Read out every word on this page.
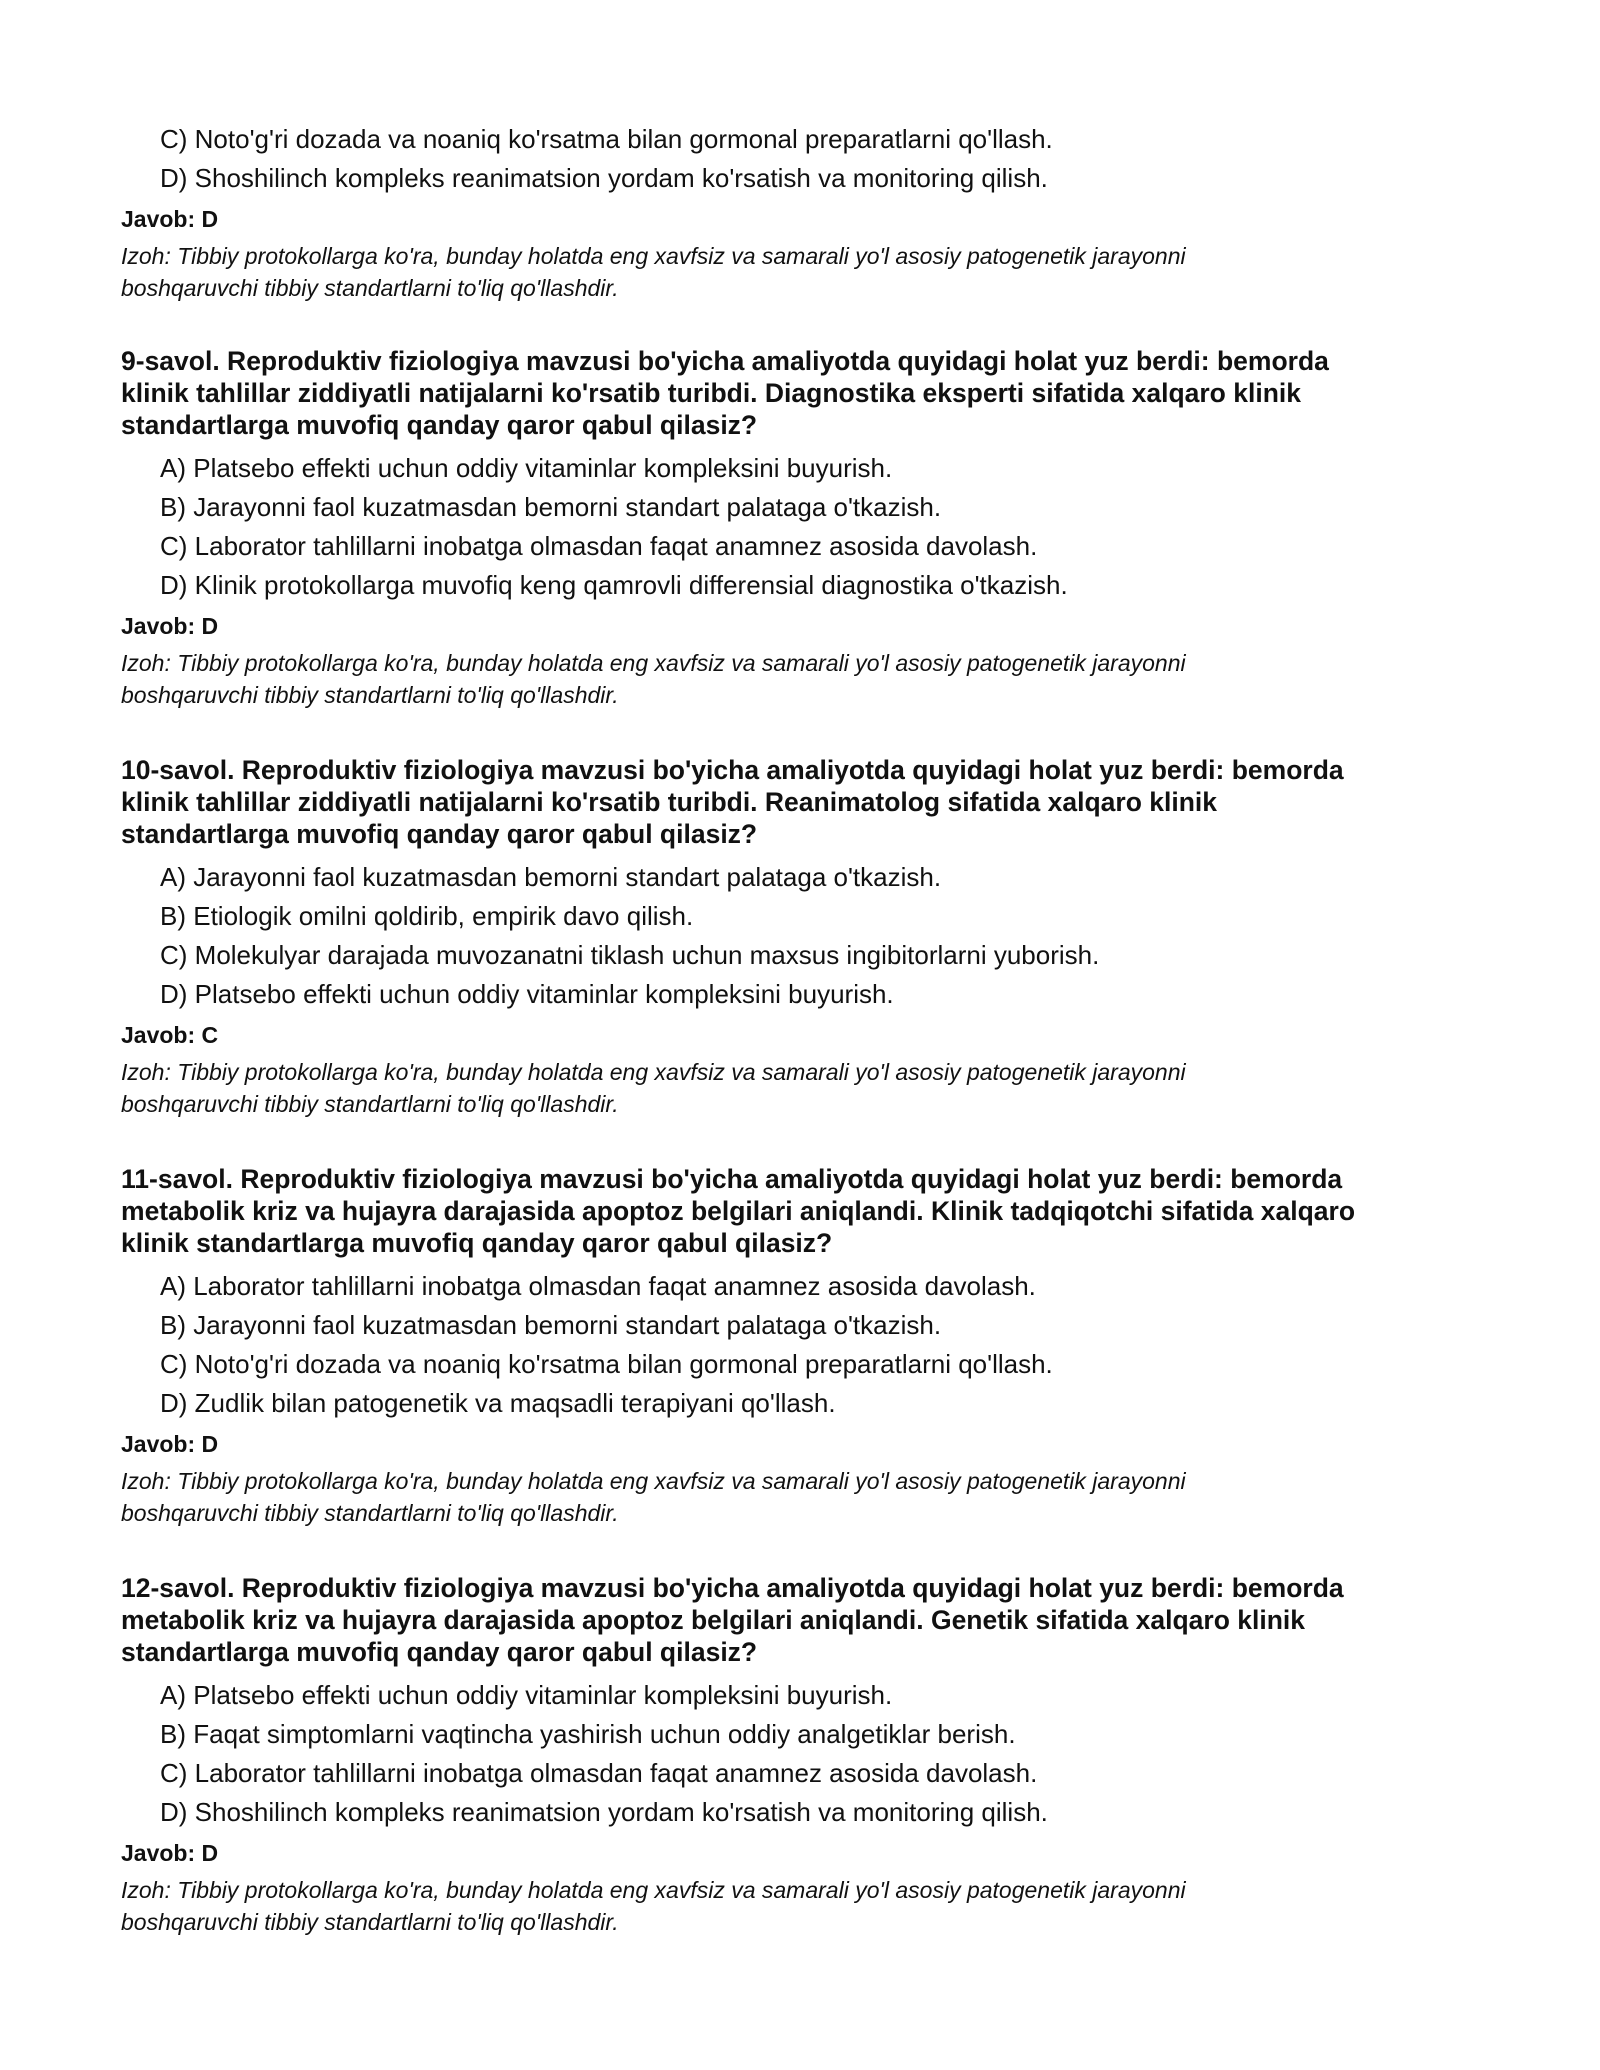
C) Noto'g'ri dozada va noaniq ko'rsatma bilan gormonal preparatlarni qo'llash.

D) Shoshilinch kompleks reanimatsion yordam ko'rsatish va monitoring qilish.

Javob: D

Izoh: Tibbiy protokollarga ko'ra, bunday holatda eng xavfsiz va samarali yo'l asosiy patogenetik jarayonni
boshqaruvchi tibbiy standartlarni to'liq qo'llashdir.

9-savol. Reproduktiv fiziologiya mavzusi bo'yicha amaliyotda quyidagi holat yuz berdi: bemorda
klinik tahlillar ziddiyatli natijalarni ko'rsatib turibdi. Diagnostika eksperti sifatida xalqaro klinik
standartlarga muvofiq qanday qaror qabul qilasiz?

A) Platsebo effekti uchun oddiy vitaminlar kompleksini buyurish.

B) Jarayonni faol kuzatmasdan bemorni standart palataga o'tkazish.

C) Laborator tahlillarni inobatga olmasdan faqat anamnez asosida davolash.

D) Klinik protokollarga muvofiq keng qamrovli differensial diagnostika o'tkazish.

Javob: D

Izoh: Tibbiy protokollarga ko'ra, bunday holatda eng xavfsiz va samarali yo'l asosiy patogenetik jarayonni
boshqaruvchi tibbiy standartlarni to'liq qo'llashdir.

10-savol. Reproduktiv fiziologiya mavzusi bo'yicha amaliyotda quyidagi holat yuz berdi: bemorda
klinik tahlillar ziddiyatli natijalarni ko'rsatib turibdi. Reanimatolog sifatida xalqaro klinik
standartlarga muvofiq qanday qaror qabul qilasiz?

A) Jarayonni faol kuzatmasdan bemorni standart palataga o'tkazish.

B) Etiologik omilni qoldirib, empirik davo qilish.

C) Molekulyar darajada muvozanatni tiklash uchun maxsus ingibitorlarni yuborish.

D) Platsebo effekti uchun oddiy vitaminlar kompleksini buyurish.

Javob: C

Izoh: Tibbiy protokollarga ko'ra, bunday holatda eng xavfsiz va samarali yo'l asosiy patogenetik jarayonni
boshqaruvchi tibbiy standartlarni to'liq qo'llashdir.

11-savol. Reproduktiv fiziologiya mavzusi bo'yicha amaliyotda quyidagi holat yuz berdi: bemorda
metabolik kriz va hujayra darajasida apoptoz belgilari aniqlandi. Klinik tadqiqotchi sifatida xalqaro
klinik standartlarga muvofiq qanday qaror qabul qilasiz?

A) Laborator tahlillarni inobatga olmasdan faqat anamnez asosida davolash.

B) Jarayonni faol kuzatmasdan bemorni standart palataga o'tkazish.

C) Noto'g'ri dozada va noaniq ko'rsatma bilan gormonal preparatlarni qo'llash.

D) Zudlik bilan patogenetik va maqsadli terapiyani qo'llash.

Javob: D

Izoh: Tibbiy protokollarga ko'ra, bunday holatda eng xavfsiz va samarali yo'l asosiy patogenetik jarayonni
boshqaruvchi tibbiy standartlarni to'liq qo'llashdir.

12-savol. Reproduktiv fiziologiya mavzusi bo'yicha amaliyotda quyidagi holat yuz berdi: bemorda
metabolik kriz va hujayra darajasida apoptoz belgilari aniqlandi. Genetik sifatida xalqaro klinik
standartlarga muvofiq qanday qaror qabul qilasiz?

A) Platsebo effekti uchun oddiy vitaminlar kompleksini buyurish.

B) Faqat simptomlarni vaqtincha yashirish uchun oddiy analgetiklar berish.

C) Laborator tahlillarni inobatga olmasdan faqat anamnez asosida davolash.

D) Shoshilinch kompleks reanimatsion yordam ko'rsatish va monitoring qilish.

Javob: D

Izoh: Tibbiy protokollarga ko'ra, bunday holatda eng xavfsiz va samarali yo'l asosiy patogenetik jarayonni
boshqaruvchi tibbiy standartlarni to'liq qo'llashdir.
